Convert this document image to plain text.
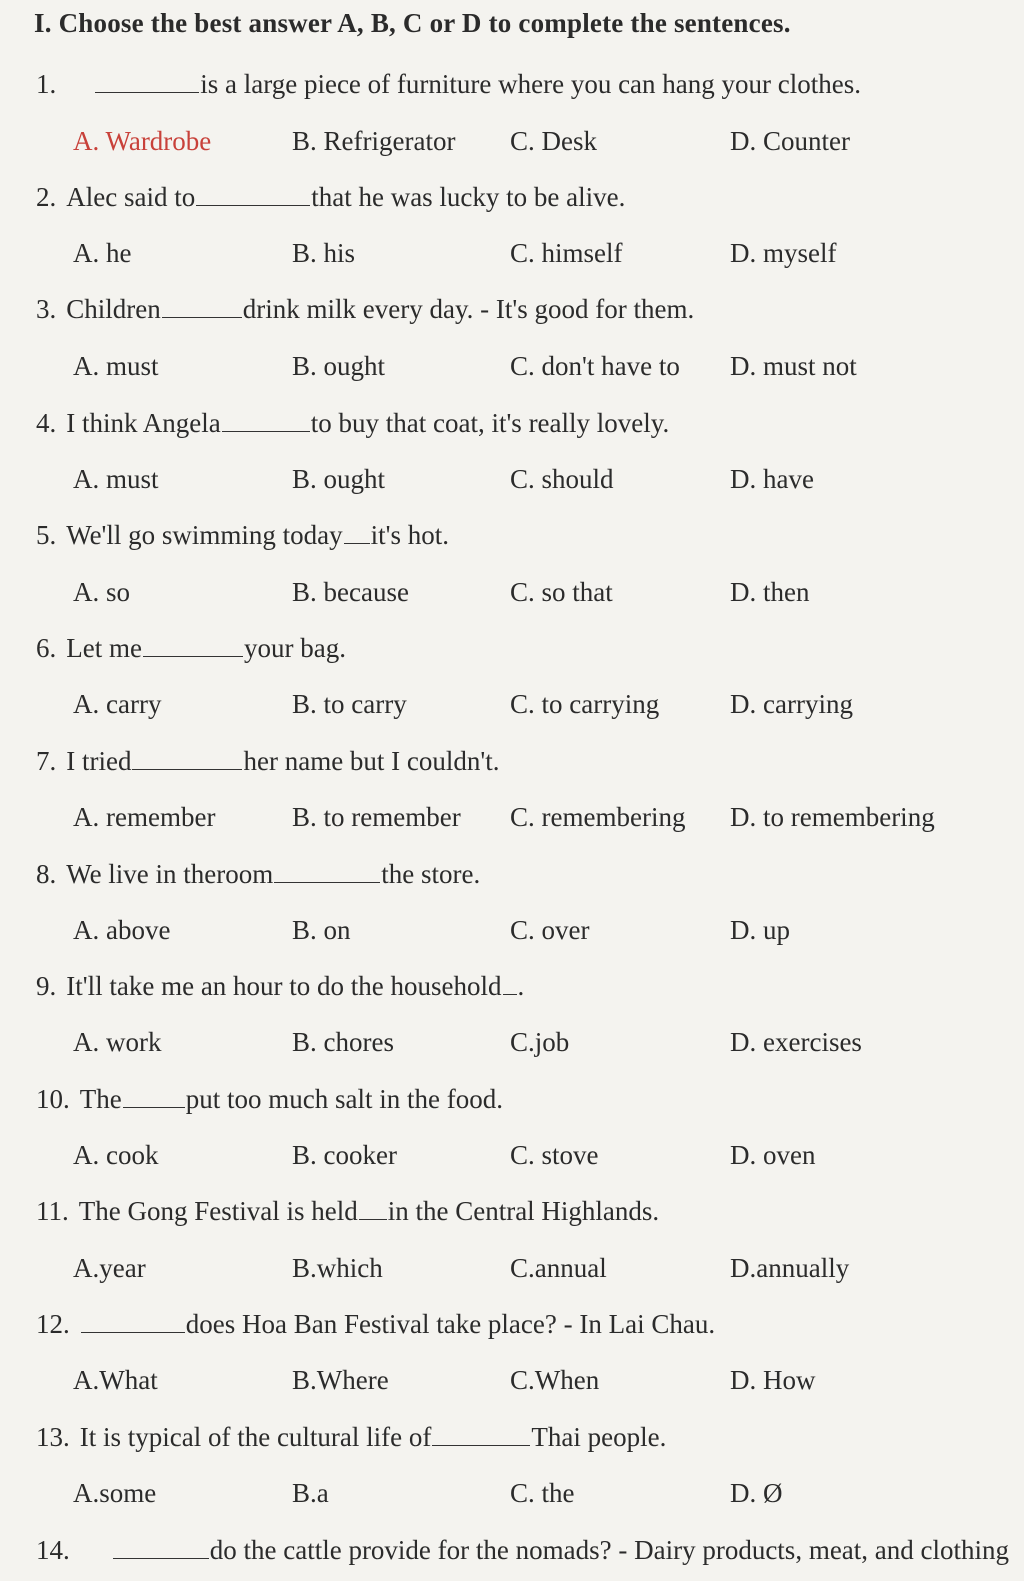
I. Choose the best answer A, B, C or D to complete the sentences.
1.	is a large piece of furniture where you can hang your clothes.
A. Wardrobe	B. Refrigerator C. Desk	D. Counter
2. Alec said to	that he was lucky to be alive.
A. he	B. his	C. himself	D. myself
3. Children	drink milk every day. - It's good for them.
A. must	B. ought	C. don't have to D. must not
4. I think Angela	to buy that coat, it's really lovely.
A. must	B. ought	C. should	D. have
5. We'll go swimming today it's hot.
A. so	B. because	C. so that	D. then
6. Let me	your bag.
A. carry	B. to carry	C. to carrying	D. carrying
7. I tried	her name but I couldn't.
A. remember	B. to remember C. remembering D. to remembering
8. We live in theroom	the store.
A. above	B. on	C. over	D. up
9. It'll take me an hour to do the household .
A. work	B. chores	C.job	D. exercises
10. The put too much salt in the food.
A. cook	B. cooker	C. stove	D. oven
11. The Gong Festival is held in the Central Highlands.
A.year	B.which	C.annual	D.annually
12.	does Hoa Ban Festival take place? - In Lai Chau.
A.What	B.Where	C.When	D. How
13. It is typical of the cultural life of	Thai people.
A.some	B.a	C. the	D. Ø
14.	do the cattle provide for the nomads? - Dairy products, meat, and clothing
